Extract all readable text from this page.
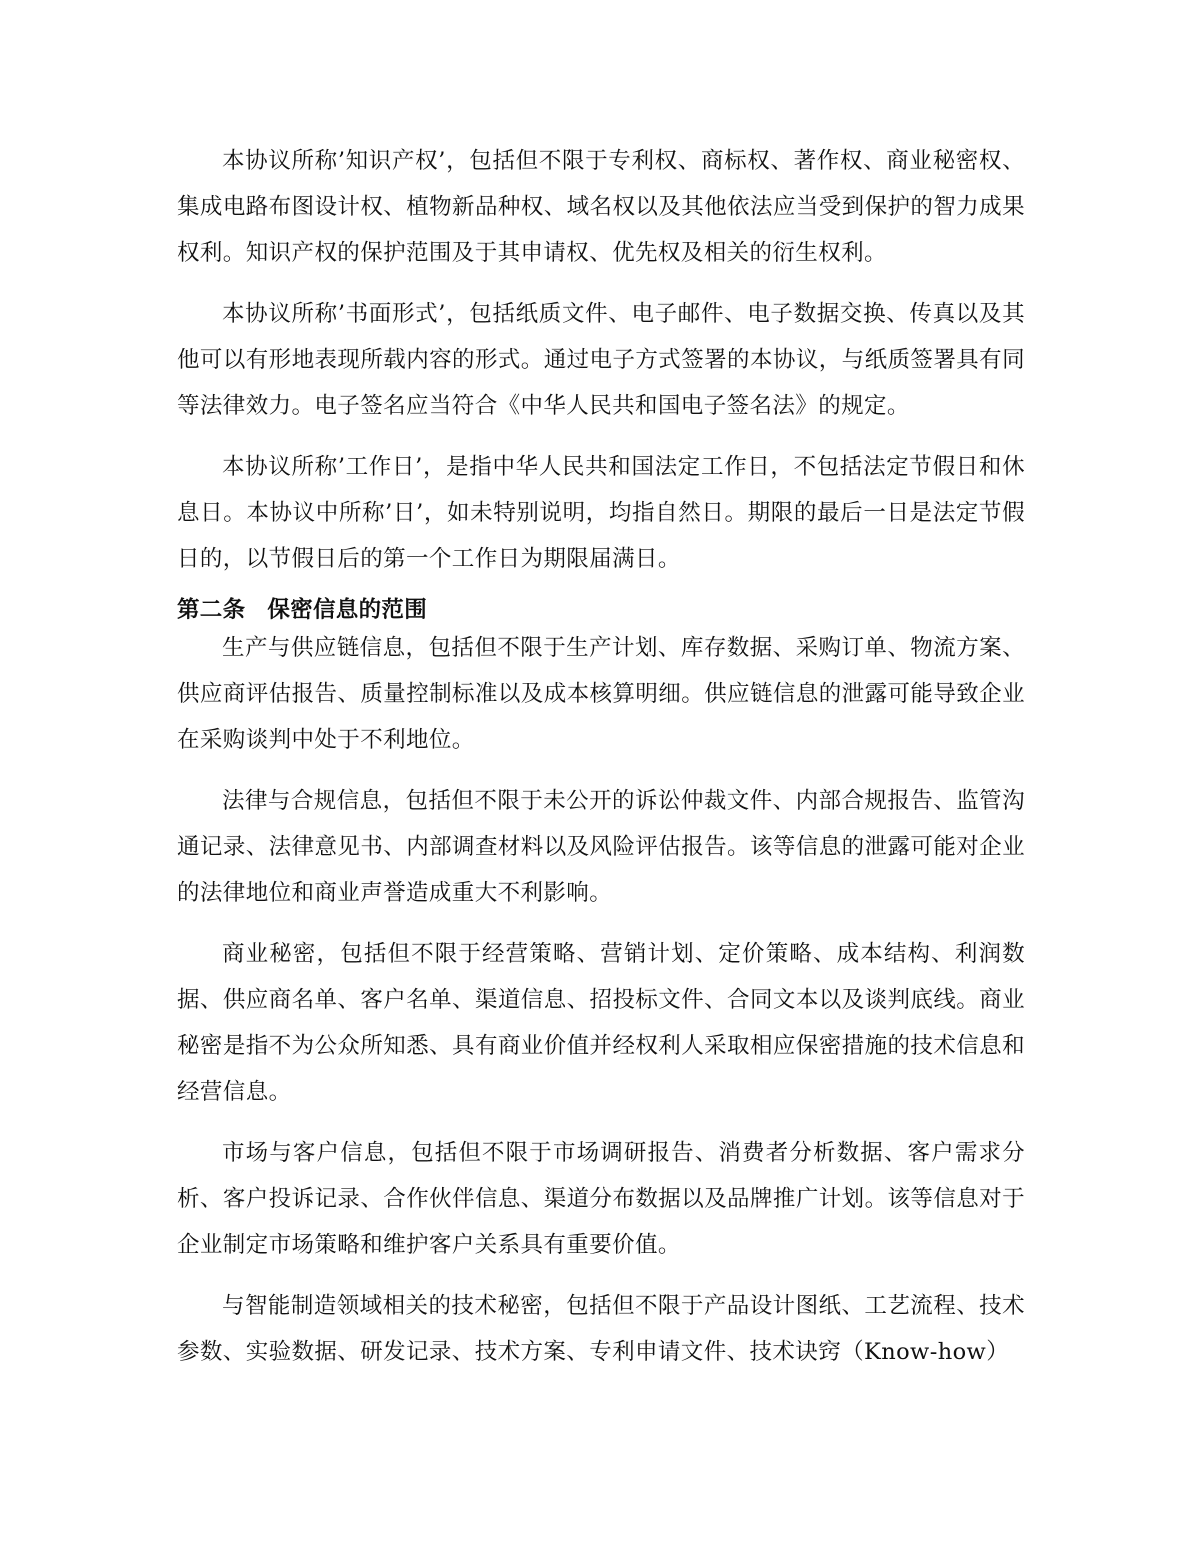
本协议所称’知识产权’，包括但不限于专利权、商标权、著作权、商业秘密权、集成电路布图设计权、植物新品种权、域名权以及其他依法应当受到保护的智力成果权利。知识产权的保护范围及于其申请权、优先权及相关的衍生权利。

本协议所称’书面形式’，包括纸质文件、电子邮件、电子数据交换、传真以及其他可以有形地表现所载内容的形式。通过电子方式签署的本协议，与纸质签署具有同等法律效力。电子签名应当符合《中华人民共和国电子签名法》的规定。

本协议所称’工作日’，是指中华人民共和国法定工作日，不包括法定节假日和休息日。本协议中所称’日’，如未特别说明，均指自然日。期限的最后一日是法定节假日的，以节假日后的第一个工作日为期限届满日。

第二条 保密信息的范围

生产与供应链信息，包括但不限于生产计划、库存数据、采购订单、物流方案、供应商评估报告、质量控制标准以及成本核算明细。供应链信息的泄露可能导致企业在采购谈判中处于不利地位。

法律与合规信息，包括但不限于未公开的诉讼仲裁文件、内部合规报告、监管沟通记录、法律意见书、内部调查材料以及风险评估报告。该等信息的泄露可能对企业的法律地位和商业声誉造成重大不利影响。

商业秘密，包括但不限于经营策略、营销计划、定价策略、成本结构、利润数据、供应商名单、客户名单、渠道信息、招投标文件、合同文本以及谈判底线。商业秘密是指不为公众所知悉、具有商业价值并经权利人采取相应保密措施的技术信息和经营信息。

市场与客户信息，包括但不限于市场调研报告、消费者分析数据、客户需求分析、客户投诉记录、合作伙伴信息、渠道分布数据以及品牌推广计划。该等信息对于企业制定市场策略和维护客户关系具有重要价值。

与智能制造领域相关的技术秘密，包括但不限于产品设计图纸、工艺流程、技术参数、实验数据、研发记录、技术方案、专利申请文件、技术诀窍（Know-how）
